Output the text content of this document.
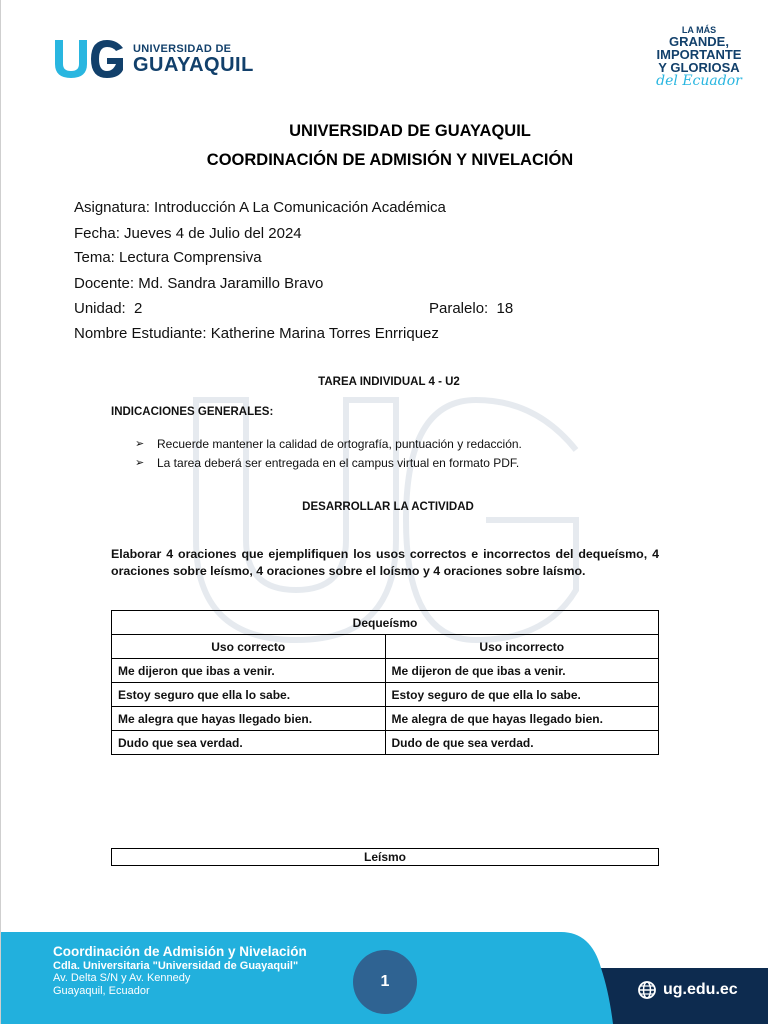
UNIVERSIDAD DE
GUAYAQUIL
LA MÁS
GRANDE,
IMPORTANTE
Y GLORIOSA
del Ecuador
UNIVERSIDAD DE GUAYAQUIL
COORDINACIÓN DE ADMISIÓN Y NIVELACIÓN
Asignatura: Introducción A La Comunicación Académica
Fecha: Jueves 4 de Julio del 2024
Tema: Lectura Comprensiva
Docente: Md. Sandra Jaramillo Bravo
Unidad:  2	Paralelo:  18
Nombre Estudiante: Katherine Marina Torres Enrriquez
TAREA INDIVIDUAL 4 - U2
INDICACIONES GENERALES:
➢	Recuerde mantener la calidad de ortografía, puntuación y redacción.
➢	La tarea deberá ser entregada en el campus virtual en formato PDF.
DESARROLLAR LA ACTIVIDAD
Elaborar 4 oraciones que ejemplifiquen los usos correctos e incorrectos del dequeísmo, 4 oraciones sobre leísmo, 4 oraciones sobre el loísmo y 4 oraciones sobre laísmo.
Dequeísmo	
Uso correcto	Uso incorrecto
Me dijeron que ibas a venir.	Me dijeron de que ibas a venir.
Estoy seguro que ella lo sabe.	Estoy seguro de que ella lo sabe.
Me alegra que hayas llegado bien.	Me alegra de que hayas llegado bien.
Dudo que sea verdad.	Dudo de que sea verdad.
Leísmo
Coordinación de Admisión y Nivelación
Cdla. Universitaria "Universidad de Guayaquil"
Av. Delta S/N y Av. Kennedy
Guayaquil, Ecuador
1	ug.edu.ec
